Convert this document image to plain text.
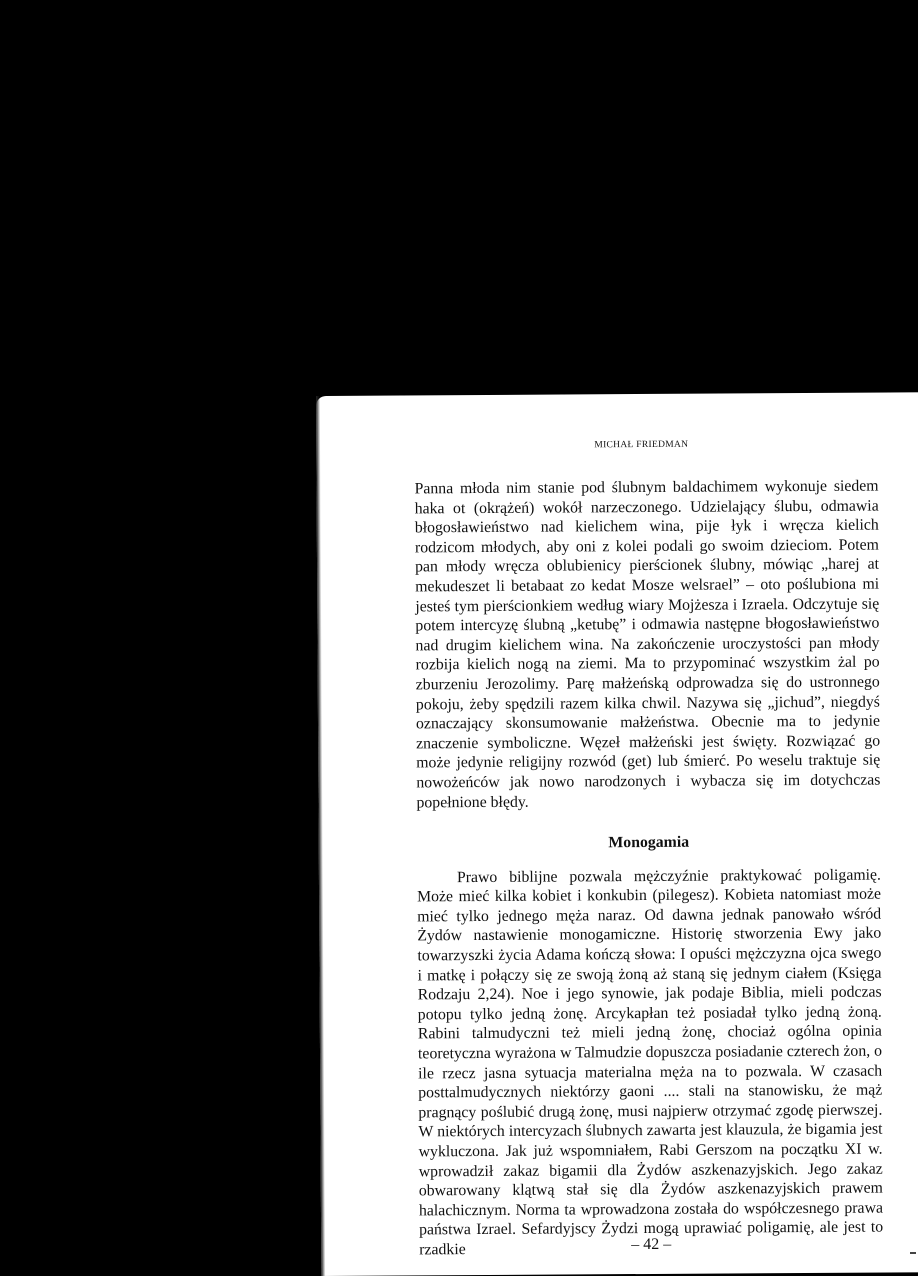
MICHAŁ FRIEDMAN

Panna młoda nim stanie pod ślubnym baldachimem wykonuje siedem haka ot (okrążeń) wokół narzeczonego. Udzielający ślubu, odmawia błogosławieństwo nad kielichem wina, pije łyk i wręcza kielich rodzicom młodych, aby oni z kolei podali go swoim dzieciom. Potem pan młody wręcza oblubienicy pierścionek ślubny, mówiąc „harej at mekudeszet li betabaat zo kedat Mosze welsrael” – oto poślubiona mi jesteś tym pierścionkiem według wiary Mojżesza i Izraela. Odczytuje się potem intercyzę ślubną „ketubę” i odmawia następne błogosławieństwo nad drugim kielichem wina. Na zakończenie uroczystości pan młody rozbija kielich nogą na ziemi. Ma to przypominać wszystkim żal po zburzeniu Jerozolimy. Parę małżeńską odprowadza się do ustronnego pokoju, żeby spędzili razem kilka chwil. Nazywa się „jichud”, niegdyś oznaczający skonsumowanie małżeństwa. Obecnie ma to jedynie znaczenie symboliczne. Węzeł małżeński jest święty. Rozwiązać go może jedynie religijny rozwód (get) lub śmierć. Po weselu traktuje się nowożeńców jak nowo narodzonych i wybacza się im dotychczas popełnione błędy.

Monogamia

Prawo biblijne pozwala mężczyźnie praktykować poligamię. Może mieć kilka kobiet i konkubin (pilegesz). Kobieta natomiast może mieć tylko jednego męża naraz. Od dawna jednak panowało wśród Żydów nastawienie monogamiczne. Historię stworzenia Ewy jako towarzyszki życia Adama kończą słowa: I opuści mężczyzna ojca swego i matkę i połączy się ze swoją żoną aż staną się jednym ciałem (Księga Rodzaju 2,24). Noe i jego synowie, jak podaje Biblia, mieli podczas potopu tylko jedną żonę. Arcykapłan też posiadał tylko jedną żoną. Rabini talmudyczni też mieli jedną żonę, chociaż ogólna opinia teoretyczna wyrażona w Talmudzie dopuszcza posiadanie czterech żon, o ile rzecz jasna sytuacja materialna męża na to pozwala. W czasach posttalmudycznych niektórzy gaoni .... stali na stanowisku, że mąż pragnący poślubić drugą żonę, musi najpierw otrzymać zgodę pierwszej. W niektórych intercyzach ślubnych zawarta jest klauzula, że bigamia jest wykluczona. Jak już wspomniałem, Rabi Gerszom na początku XI w. wprowadził zakaz bigamii dla Żydów aszkenazyjskich. Jego zakaz obwarowany klątwą stał się dla Żydów aszkenazyjskich prawem halachicznym. Norma ta wprowadzona została do współczesnego prawa państwa Izrael. Sefardyjscy Żydzi mogą uprawiać poligamię, ale jest to rzadkie	– 42 –
